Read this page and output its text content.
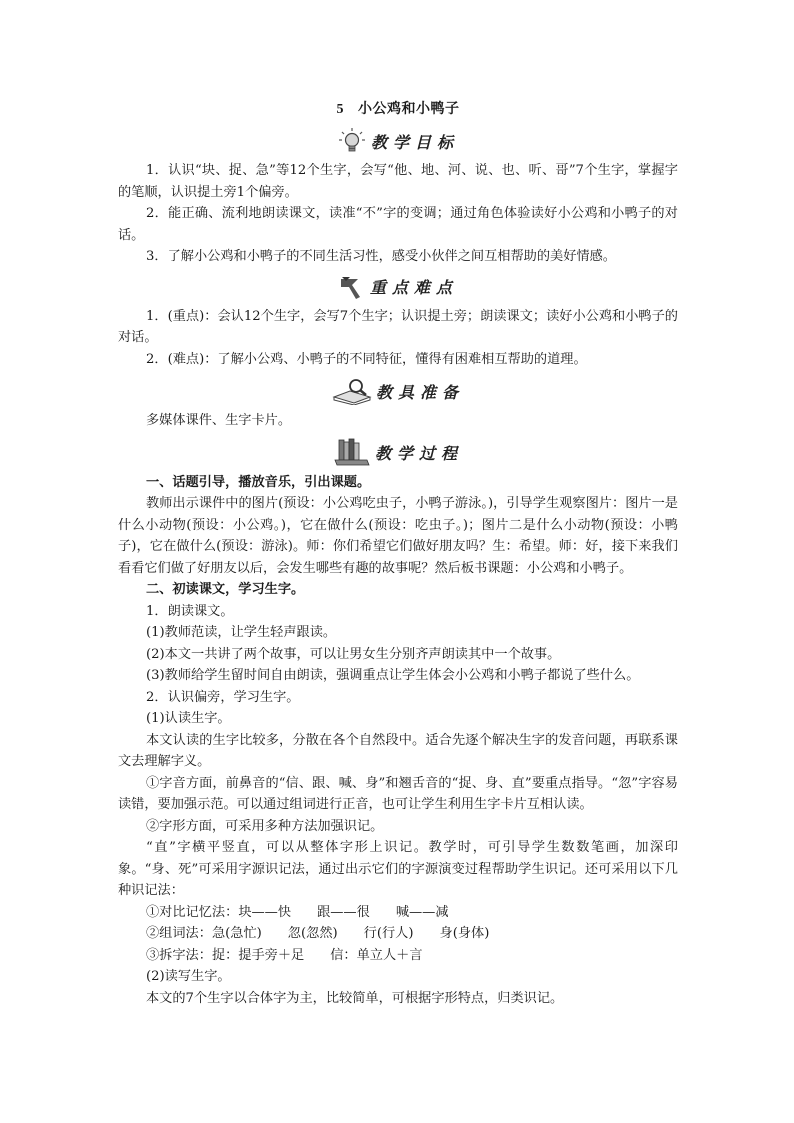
5 小公鸡和小鸭子
教学目标

1．认识“块、捉、急”等12个生字，会写“他、地、河、说、也、听、哥”7个生字，掌握字的笔顺，认识提土旁1个偏旁。

2．能正确、流利地朗读课文，读准“不”字的变调；通过角色体验读好小公鸡和小鸭子的对话。

3．了解小公鸡和小鸭子的不同生活习性，感受小伙伴之间互相帮助的美好情感。

重点难点

1．(重点)：会认12个生字，会写7个生字；认识提土旁；朗读课文；读好小公鸡和小鸭子的对话。

2．(难点)：了解小公鸡、小鸭子的不同特征，懂得有困难相互帮助的道理。

教具准备

多媒体课件、生字卡片。

教学过程

一、话题引导，播放音乐，引出课题。

教师出示课件中的图片(预设：小公鸡吃虫子，小鸭子游泳。)，引导学生观察图片：图片一是什么小动物(预设：小公鸡。)，它在做什么(预设：吃虫子。)；图片二是什么小动物(预设：小鸭子)，它在做什么(预设：游泳)。师：你们希望它们做好朋友吗？生：希望。师：好，接下来我们看看它们做了好朋友以后，会发生哪些有趣的故事呢？然后板书课题：小公鸡和小鸭子。

二、初读课文，学习生字。

1．朗读课文。

(1)教师范读，让学生轻声跟读。

(2)本文一共讲了两个故事，可以让男女生分别齐声朗读其中一个故事。

(3)教师给学生留时间自由朗读，强调重点让学生体会小公鸡和小鸭子都说了些什么。

2．认识偏旁，学习生字。

(1)认读生字。

本文认读的生字比较多，分散在各个自然段中。适合先逐个解决生字的发音问题，再联系课文去理解字义。

①字音方面，前鼻音的“信、跟、喊、身”和翘舌音的“捉、身、直”要重点指导。“忽”字容易读错，要加强示范。可以通过组词进行正音，也可让学生利用生字卡片互相认读。

②字形方面，可采用多种方法加强识记。

“直”字横平竖直，可以从整体字形上识记。教学时，可引导学生数数笔画，加深印象。“身、死”可采用字源识记法，通过出示它们的字源演变过程帮助学生识记。还可采用以下几种识记法：

①对比记忆法：块——快 跟——很 喊——减

②组词法：急(急忙) 忽(忽然) 行(行人) 身(身体)

③拆字法：捉：提手旁＋足 信：单立人＋言

(2)读写生字。

本文的7个生字以合体字为主，比较简单，可根据字形特点，归类识记。
